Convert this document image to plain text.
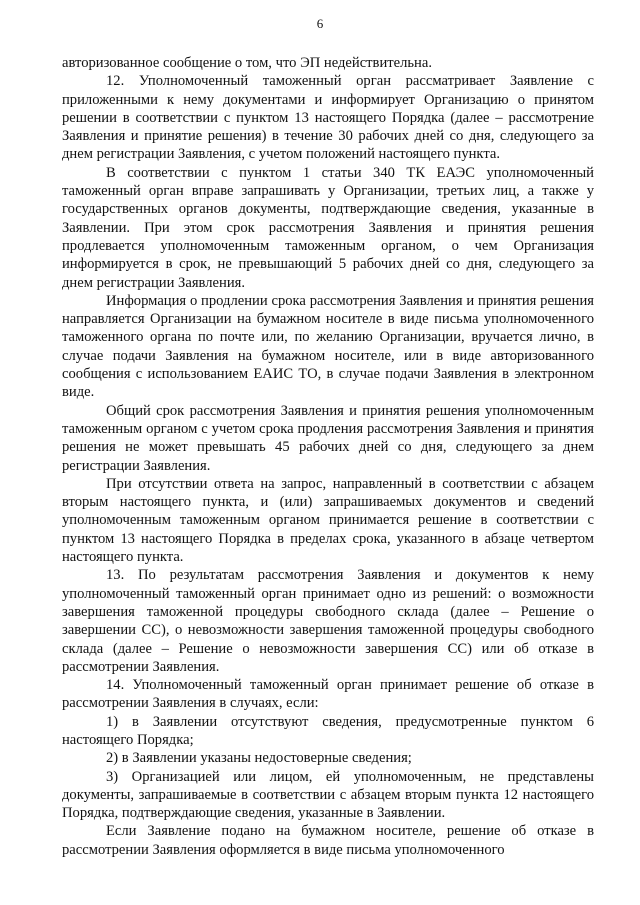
6

авторизованное сообщение о том, что ЭП недействительна.

12. Уполномоченный таможенный орган рассматривает Заявление с приложенными к нему документами и информирует Организацию о принятом решении в соответствии с пунктом 13 настоящего Порядка (далее – рассмотрение Заявления и принятие решения) в течение 30 рабочих дней со дня, следующего за днем регистрации Заявления, с учетом положений настоящего пункта.

В соответствии с пунктом 1 статьи 340 ТК ЕАЭС уполномоченный таможенный орган вправе запрашивать у Организации, третьих лиц, а также у государственных органов документы, подтверждающие сведения, указанные в Заявлении. При этом срок рассмотрения Заявления и принятия решения продлевается уполномоченным таможенным органом, о чем Организация информируется в срок, не превышающий 5 рабочих дней со дня, следующего за днем регистрации Заявления.

Информация о продлении срока рассмотрения Заявления и принятия решения направляется Организации на бумажном носителе в виде письма уполномоченного таможенного органа по почте или, по желанию Организации, вручается лично, в случае подачи Заявления на бумажном носителе, или в виде авторизованного сообщения с использованием ЕАИС ТО, в случае подачи Заявления в электронном виде.

Общий срок рассмотрения Заявления и принятия решения уполномоченным таможенным органом с учетом срока продления рассмотрения Заявления и принятия решения не может превышать 45 рабочих дней со дня, следующего за днем регистрации Заявления.

При отсутствии ответа на запрос, направленный в соответствии с абзацем вторым настоящего пункта, и (или) запрашиваемых документов и сведений уполномоченным таможенным органом принимается решение в соответствии с пунктом 13 настоящего Порядка в пределах срока, указанного в абзаце четвертом настоящего пункта.

13. По результатам рассмотрения Заявления и документов к нему уполномоченный таможенный орган принимает одно из решений: о возможности завершения таможенной процедуры свободного склада (далее – Решение о завершении СС), о невозможности завершения таможенной процедуры свободного склада (далее – Решение о невозможности завершения СС) или об отказе в рассмотрении Заявления.

14. Уполномоченный таможенный орган принимает решение об отказе в рассмотрении Заявления в случаях, если:

1) в Заявлении отсутствуют сведения, предусмотренные пунктом 6 настоящего Порядка;

2) в Заявлении указаны недостоверные сведения;

3) Организацией или лицом, ей уполномоченным, не представлены документы, запрашиваемые в соответствии с абзацем вторым пункта 12 настоящего Порядка, подтверждающие сведения, указанные в Заявлении.

Если Заявление подано на бумажном носителе, решение об отказе в рассмотрении Заявления оформляется в виде письма уполномоченного
